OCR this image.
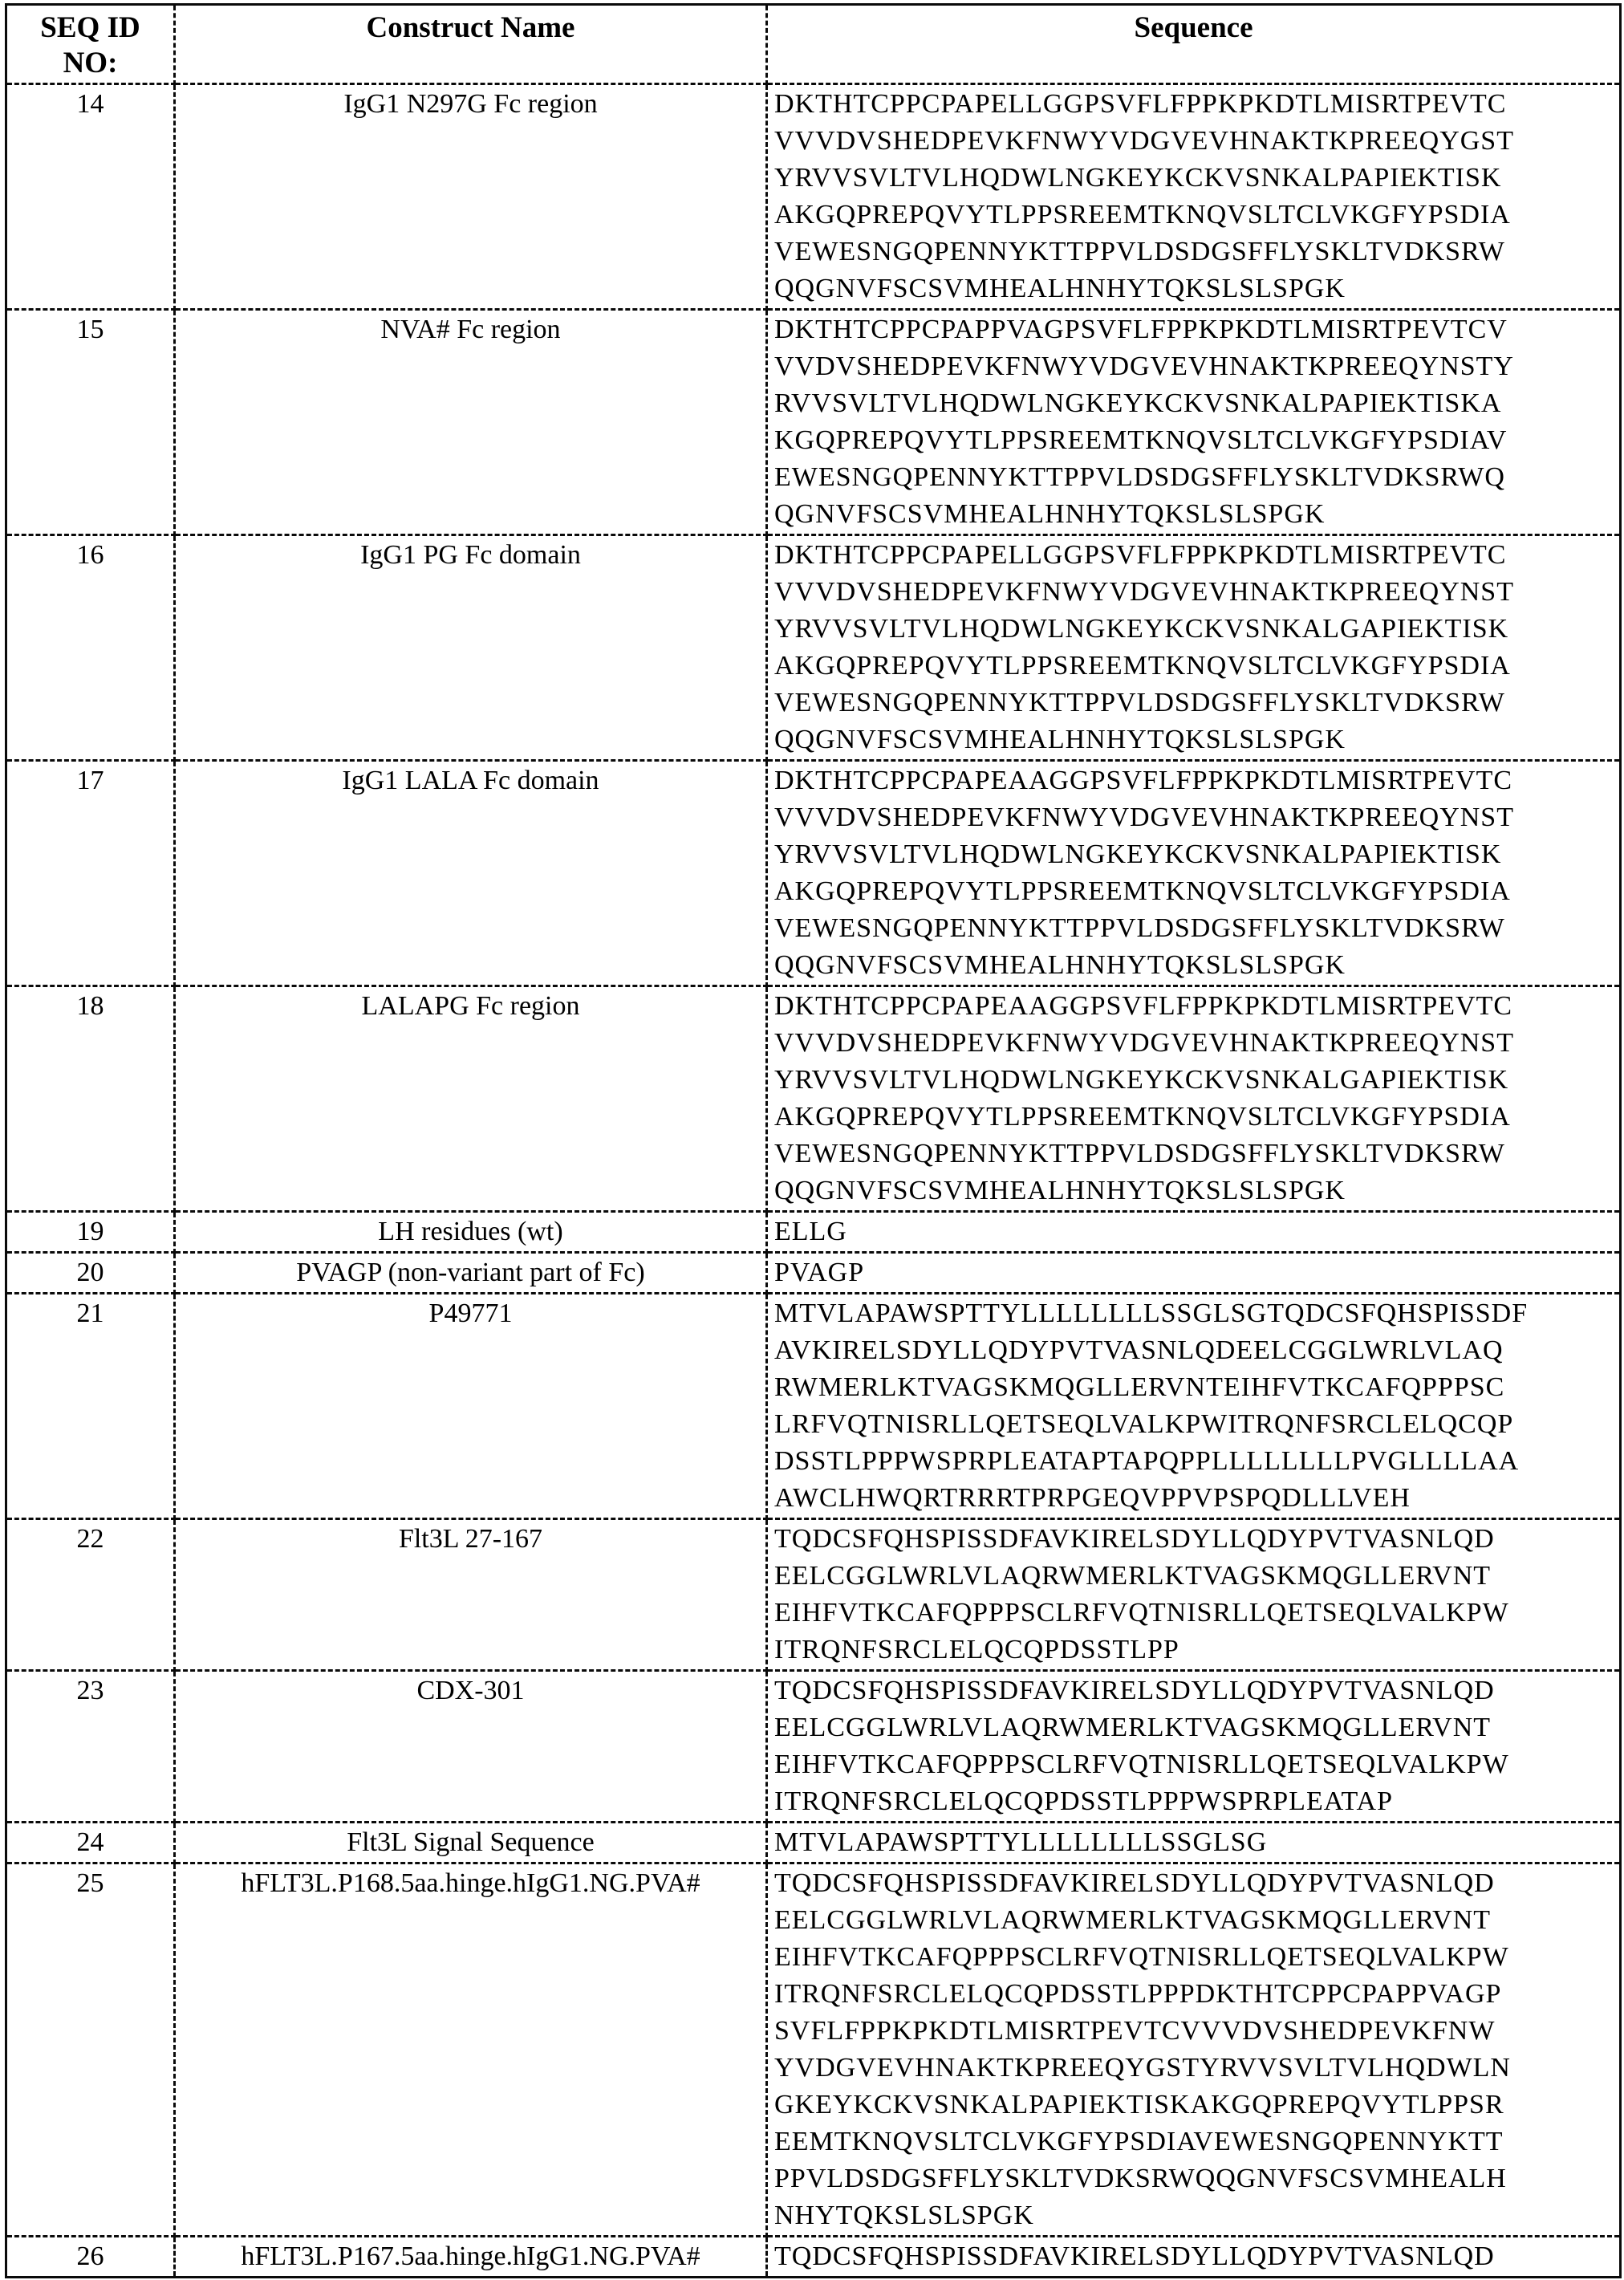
SEQ ID NO:	Construct Name	Sequence
14	IgG1 N297G Fc region	DKTHTCPPCPAPELLGGPSVFLFPPKPKDTLMISRTPEVTC
VVVDVSHEDPEVKFNWYVDGVEVHNAKTKPREEQYGST
YRVVSVLTVLHQDWLNGKEYKCKVSNKALPAPIEKTISK
AKGQPREPQVYTLPPSREEMTKNQVSLTCLVKGFYPSDIA
VEWESNGQPENNYKTTPPVLDSDGSFFLYSKLTVDKSRW
QQGNVFSCSVMHEALHNHYTQKSLSLSPGK

15	NVA# Fc region	DKTHTCPPCPAPPVAGPSVFLFPPKPKDTLMISRTPEVTCV
VVDVSHEDPEVKFNWYVDGVEVHNAKTKPREEQYNSTY
RVVSVLTVLHQDWLNGKEYKCKVSNKALPAPIEKTISKA
KGQPREPQVYTLPPSREEMTKNQVSLTCLVKGFYPSDIAV
EWESNGQPENNYKTTPPVLDSDGSFFLYSKLTVDKSRWQ
QGNVFSCSVMHEALHNHYTQKSLSLSPGK

16	IgG1 PG Fc domain	DKTHTCPPCPAPELLGGPSVFLFPPKPKDTLMISRTPEVTC
VVVDVSHEDPEVKFNWYVDGVEVHNAKTKPREEQYNST
YRVVSVLTVLHQDWLNGKEYKCKVSNKALGAPIEKTISK
AKGQPREPQVYTLPPSREEMTKNQVSLTCLVKGFYPSDIA
VEWESNGQPENNYKTTPPVLDSDGSFFLYSKLTVDKSRW
QQGNVFSCSVMHEALHNHYTQKSLSLSPGK

17	IgG1 LALA Fc domain	DKTHTCPPCPAPEAAGGPSVFLFPPKPKDTLMISRTPEVTC
VVVDVSHEDPEVKFNWYVDGVEVHNAKTKPREEQYNST
YRVVSVLTVLHQDWLNGKEYKCKVSNKALPAPIEKTISK
AKGQPREPQVYTLPPSREEMTKNQVSLTCLVKGFYPSDIA
VEWESNGQPENNYKTTPPVLDSDGSFFLYSKLTVDKSRW
QQGNVFSCSVMHEALHNHYTQKSLSLSPGK

18	LALAPG Fc region	DKTHTCPPCPAPEAAGGPSVFLFPPKPKDTLMISRTPEVTC
VVVDVSHEDPEVKFNWYVDGVEVHNAKTKPREEQYNST
YRVVSVLTVLHQDWLNGKEYKCKVSNKALGAPIEKTISK
AKGQPREPQVYTLPPSREEMTKNQVSLTCLVKGFYPSDIA
VEWESNGQPENNYKTTPPVLDSDGSFFLYSKLTVDKSRW
QQGNVFSCSVMHEALHNHYTQKSLSLSPGK

19	LH residues (wt)	ELLG

20	PVAGP (non-variant part of Fc)	PVAGP

21	P49771	MTVLAPAWSPTTYLLLLLLLLSSGLSGTQDCSFQHSPISSDF
AVKIRELSDYLLQDYPVTVASNLQDEELCGGLWRLVLAQ
RWMERLKTVAGSKMQGLLERVNTEIHFVTKCAFQPPPSC
LRFVQTNISRLLQETSEQLVALKPWITRQNFSRCLELQCQP
DSSTLPPPWSPRPLEATAPTAPQPPLLLLLLLLPVGLLLLAA
AWCLHWQRTRRRTPRPGEQVPPVPSPQDLLLVEH

22	Flt3L 27-167	TQDCSFQHSPISSDFAVKIRELSDYLLQDYPVTVASNLQD
EELCGGLWRLVLAQRWMERLKTVAGSKMQGLLERVNT
EIHFVTKCAFQPPPSCLRFVQTNISRLLQETSEQLVALKPW
ITRQNFSRCLELQCQPDSSTLPP

23	CDX-301	TQDCSFQHSPISSDFAVKIRELSDYLLQDYPVTVASNLQD
EELCGGLWRLVLAQRWMERLKTVAGSKMQGLLERVNT
EIHFVTKCAFQPPPSCLRFVQTNISRLLQETSEQLVALKPW
ITRQNFSRCLELQCQPDSSTLPPPWSPRPLEATAP

24	Flt3L Signal Sequence	MTVLAPAWSPTTYLLLLLLLLSSGLSG

25	hFLT3L.P168.5aa.hinge.hIgG1.NG.PVA#	TQDCSFQHSPISSDFAVKIRELSDYLLQDYPVTVASNLQD
EELCGGLWRLVLAQRWMERLKTVAGSKMQGLLERVNT
EIHFVTKCAFQPPPSCLRFVQTNISRLLQETSEQLVALKPW
ITRQNFSRCLELQCQPDSSTLPPPDKTHTCPPCPAPPVAGP
SVFLFPPKPKDTLMISRTPEVTCVVVDVSHEDPEVKFNW
YVDGVEVHNAKTKPREEQYGSTYRVVSVLTVLHQDWLN
GKEYKCKVSNKALPAPIEKTISKAKGQPREPQVYTLPPSR
EEMTKNQVSLTCLVKGFYPSDIAVEWESNGQPENNYKTT
PPVLDSDGSFFLYSKLTVDKSRWQQGNVFSCSVMHEALH
NHYTQKSLSLSPGK

26	hFLT3L.P167.5aa.hinge.hIgG1.NG.PVA#	TQDCSFQHSPISSDFAVKIRELSDYLLQDYPVTVASNLQD
